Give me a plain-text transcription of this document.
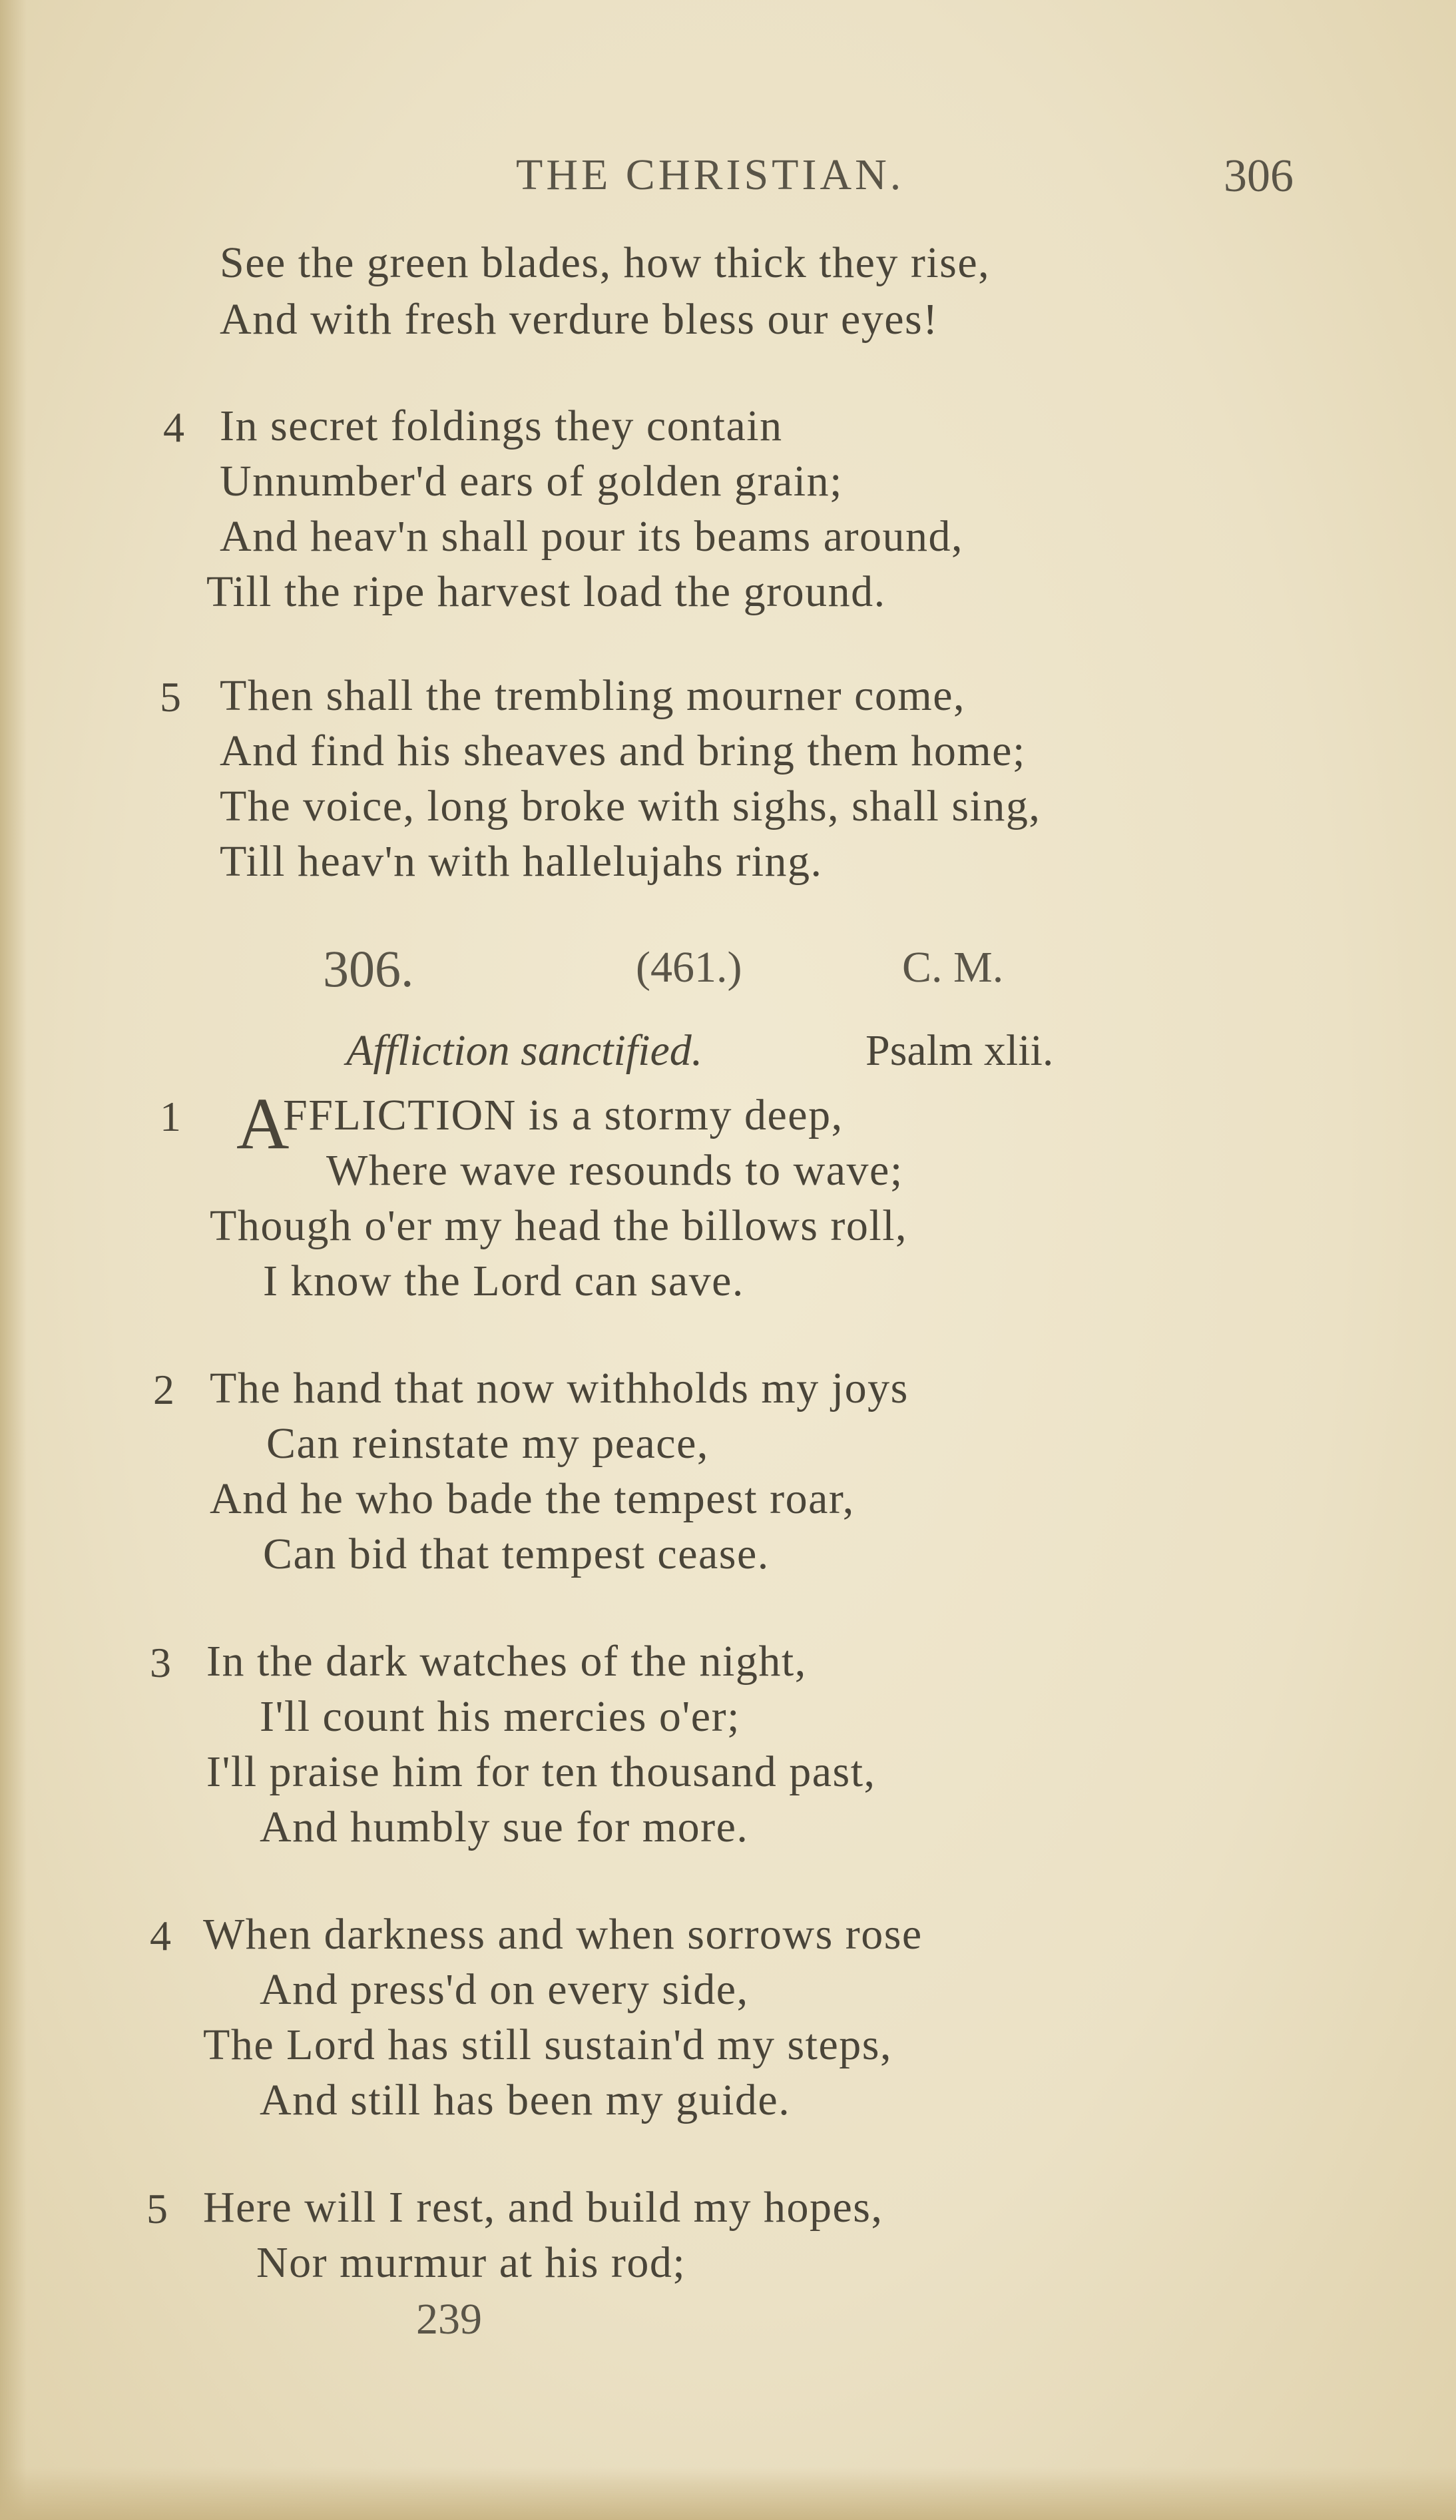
THE CHRISTIAN.	306
See the green blades, how thick they rise,
And with fresh verdure bless our eyes!
4 In secret foldings they contain
Unnumber'd ears of golden grain;
And heav'n shall pour its beams around,
Till the ripe harvest load the ground.
5 Then shall the trembling mourner come,
And find his sheaves and bring them home;
The voice, long broke with sighs, shall sing,
Till heav'n with hallelujahs ring.
306.	(461.)	C. M.
Affliction sanctified.	Psalm xlii.
1 A
FFLICTION is a stormy deep,
Where wave resounds to wave;
Though o'er my head the billows roll,
I know the Lord can save.
2 The hand that now withholds my joys
Can reinstate my peace,
And he who bade the tempest roar,
Can bid that tempest cease.
3 In the dark watches of the night,
I'll count his mercies o'er;
I'll praise him for ten thousand past,
And humbly sue for more.
4 When darkness and when sorrows rose
And press'd on every side,
The Lord has still sustain'd my steps,
And still has been my guide.
5 Here will I rest, and build my hopes,
Nor murmur at his rod;
239
